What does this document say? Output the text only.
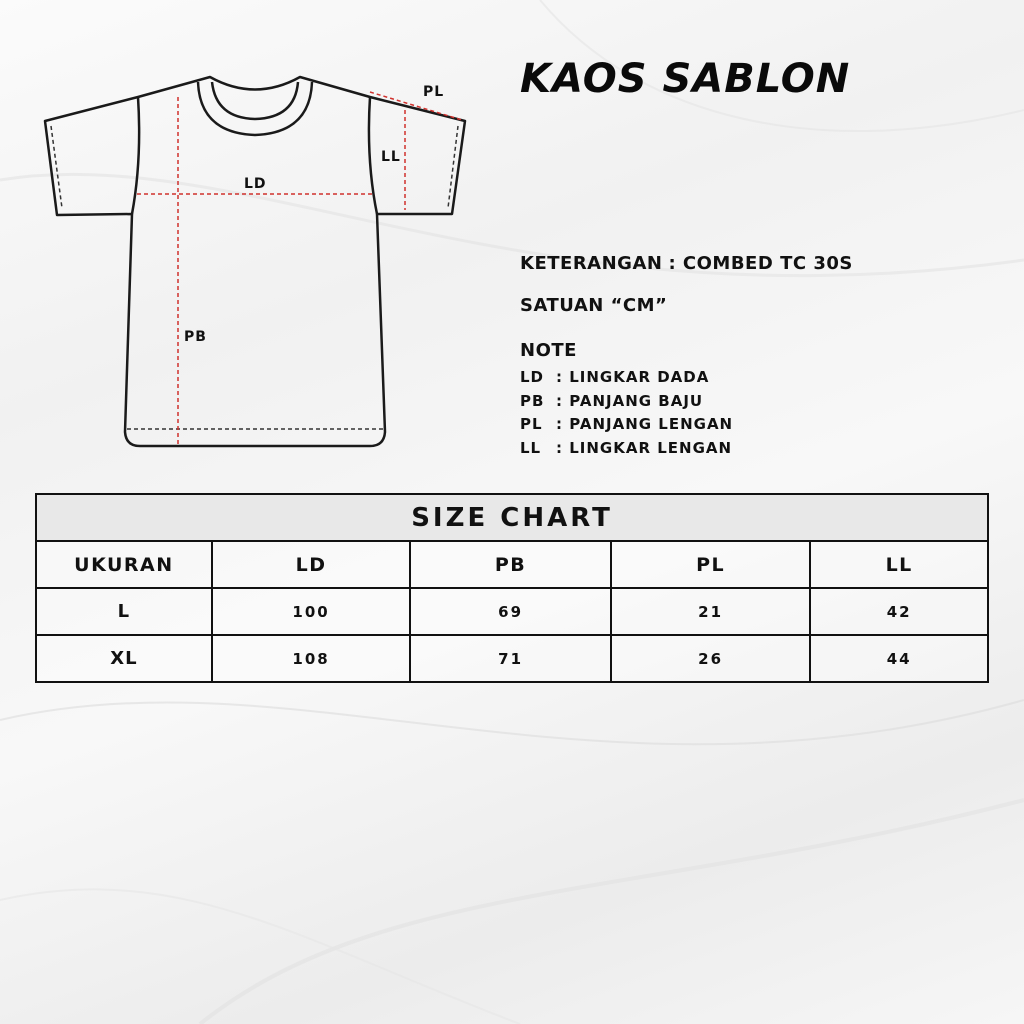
LD
PB
LL
PL KAOS SABLON
KETERANGAN : COMBED TC 30S
SATUAN “CM”
NOTE
LD : LINGKAR DADA
PB : PANJANG BAJU
PL : PANJANG LENGAN
LL : LINGKAR LENGAN
SIZE CHART				
UKURAN	LD	PB	PL	LL
L	100	69	21	42
XL	108	71	26	44
